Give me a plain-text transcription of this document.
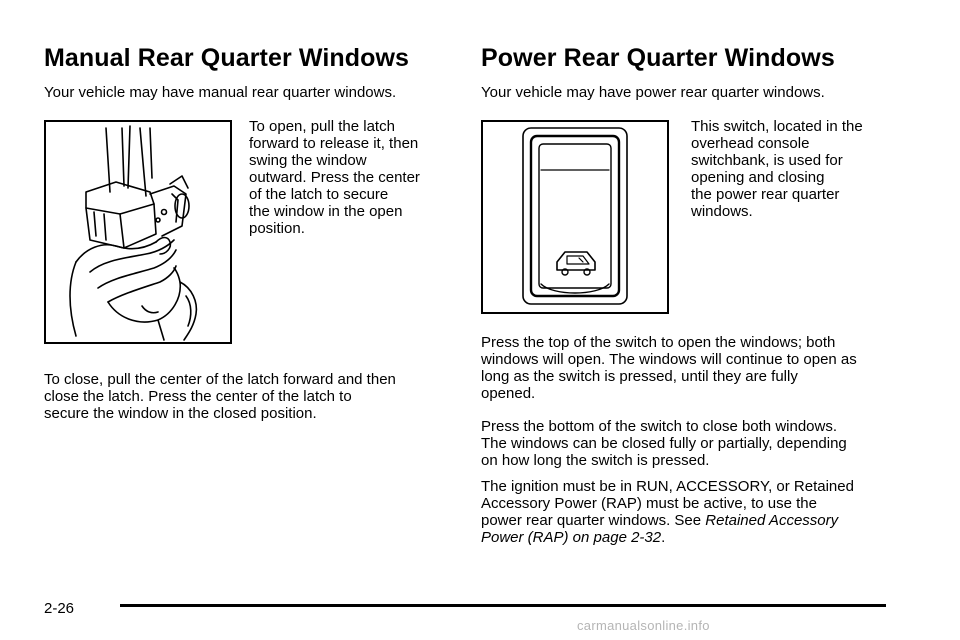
Manual Rear Quarter Windows

Your vehicle may have manual rear quarter windows.

To open, pull the latch
forward to release it, then
swing the window
outward. Press the center
of the latch to secure
the window in the open
position.

To close, pull the center of the latch forward and then
close the latch. Press the center of the latch to
secure the window in the closed position.

Power Rear Quarter Windows

Your vehicle may have power rear quarter windows.

This switch, located in the
overhead console
switchbank, is used for
opening and closing
the power rear quarter
windows.

Press the top of the switch to open the windows; both
windows will open. The windows will continue to open as
long as the switch is pressed, until they are fully
opened.

Press the bottom of the switch to close both windows.
The windows can be closed fully or partially, depending
on how long the switch is pressed.

The ignition must be in RUN, ACCESSORY, or Retained
Accessory Power (RAP) must be active, to use the
power rear quarter windows. See Retained Accessory
Power (RAP) on page 2-32.

2-26
carmanualsonline.info
